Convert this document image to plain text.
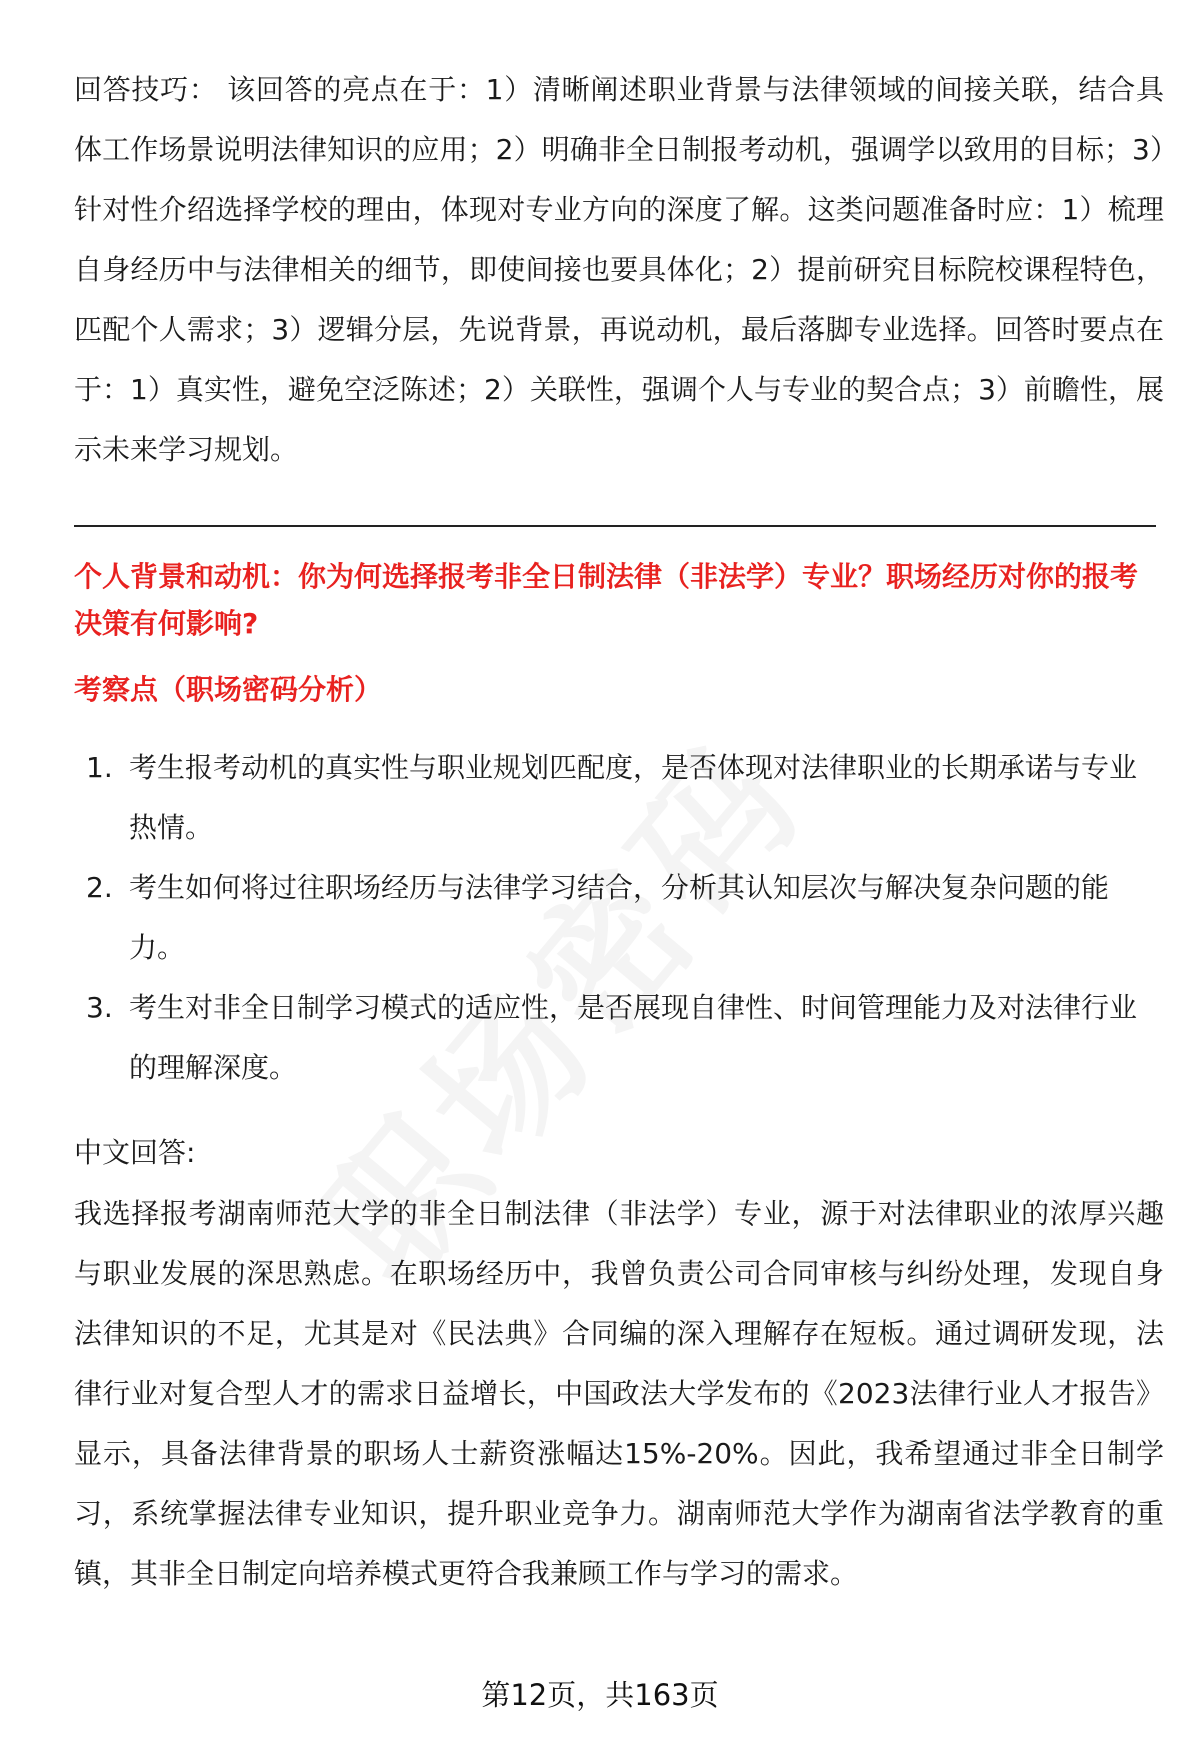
回答技巧： 该回答的亮点在于：1）清晰阐述职业背景与法律领域的间接关联，结合具体工作场景说明法律知识的应用；2）明确非全日制报考动机，强调学以致用的目标；3）针对性介绍选择学校的理由，体现对专业方向的深度了解。这类问题准备时应：1）梳理自身经历中与法律相关的细节，即使间接也要具体化；2）提前研究目标院校课程特色，匹配个人需求；3）逻辑分层，先说背景，再说动机，最后落脚专业选择。回答时要点在于：1）真实性，避免空泛陈述；2）关联性，强调个人与专业的契合点；3）前瞻性，展示未来学习规划。

个人背景和动机：你为何选择报考非全日制法律（非法学）专业？职场经历对你的报考决策有何影响?
考察点（职场密码分析）
1. 考生报考动机的真实性与职业规划匹配度，是否体现对法律职业的长期承诺与专业热情。
2. 考生如何将过往职场经历与法律学习结合，分析其认知层次与解决复杂问题的能力。
3. 考生对非全日制学习模式的适应性，是否展现自律性、时间管理能力及对法律行业的理解深度。

中文回答:

我选择报考湖南师范大学的非全日制法律（非法学）专业，源于对法律职业的浓厚兴趣与职业发展的深思熟虑。在职场经历中，我曾负责公司合同审核与纠纷处理，发现自身法律知识的不足，尤其是对《民法典》合同编的深入理解存在短板。通过调研发现，法律行业对复合型人才的需求日益增长，中国政法大学发布的《2023法律行业人才报告》显示，具备法律背景的职场人士薪资涨幅达15%-20%。因此，我希望通过非全日制学习，系统掌握法律专业知识，提升职业竞争力。湖南师范大学作为湖南省法学教育的重镇，其非全日制定向培养模式更符合我兼顾工作与学习的需求。

第12页，共163页
